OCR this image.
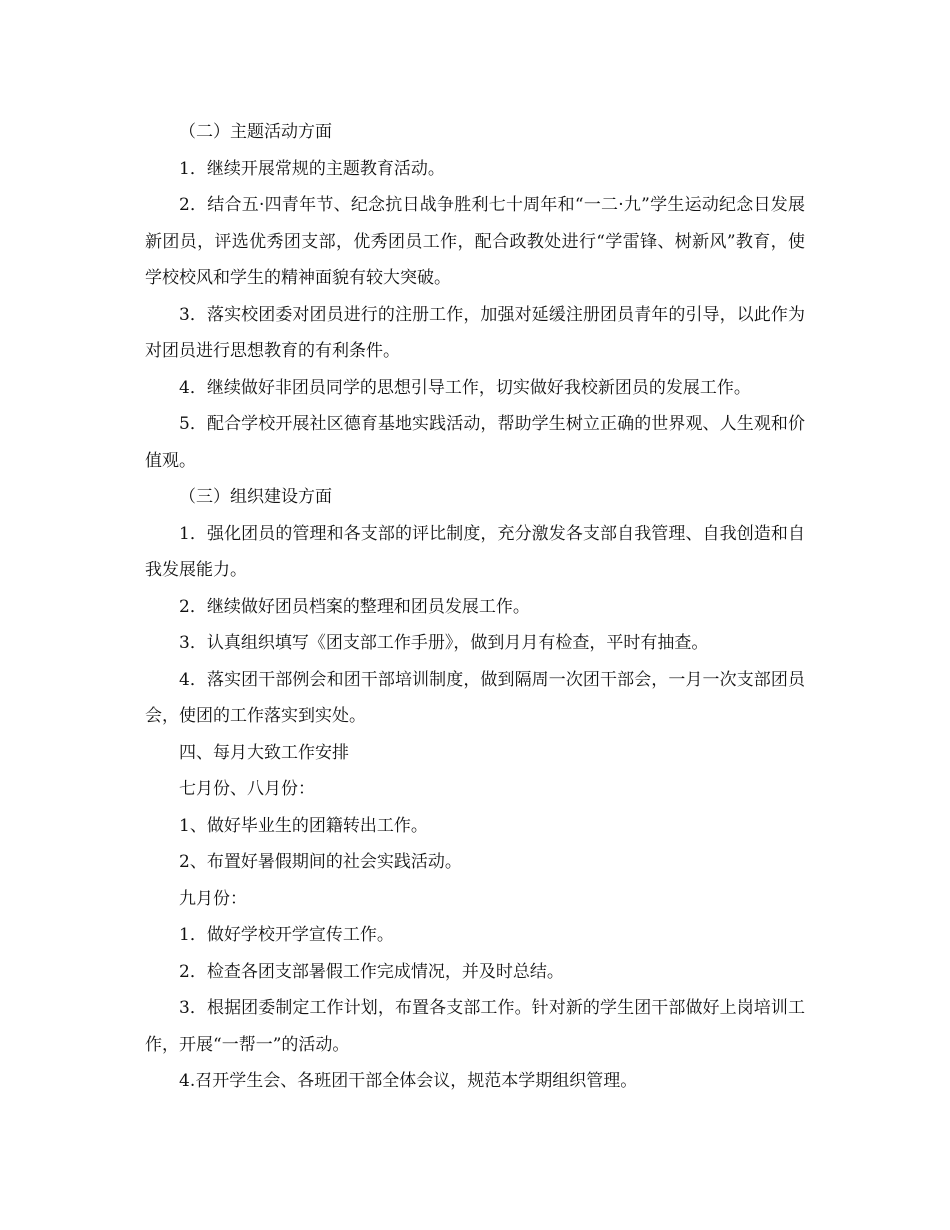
（二）主题活动方面

1．继续开展常规的主题教育活动。

2．结合五·四青年节、纪念抗日战争胜利七十周年和“一二·九”学生运动纪念日发展新团员，评选优秀团支部，优秀团员工作，配合政教处进行“学雷锋、树新风”教育，使学校校风和学生的精神面貌有较大突破。

3．落实校团委对团员进行的注册工作，加强对延缓注册团员青年的引导，以此作为对团员进行思想教育的有利条件。

4．继续做好非团员同学的思想引导工作，切实做好我校新团员的发展工作。

5．配合学校开展社区德育基地实践活动，帮助学生树立正确的世界观、人生观和价值观。

（三）组织建设方面

1．强化团员的管理和各支部的评比制度，充分激发各支部自我管理、自我创造和自我发展能力。

2．继续做好团员档案的整理和团员发展工作。

3．认真组织填写《团支部工作手册》，做到月月有检查，平时有抽查。

4．落实团干部例会和团干部培训制度，做到隔周一次团干部会，一月一次支部团员会，使团的工作落实到实处。

四、每月大致工作安排

七月份、八月份：

1、做好毕业生的团籍转出工作。

2、布置好暑假期间的社会实践活动。

九月份：

1．做好学校开学宣传工作。

2．检查各团支部暑假工作完成情况，并及时总结。

3．根据团委制定工作计划，布置各支部工作。针对新的学生团干部做好上岗培训工作，开展“一帮一”的活动。

4.召开学生会、各班团干部全体会议，规范本学期组织管理。
